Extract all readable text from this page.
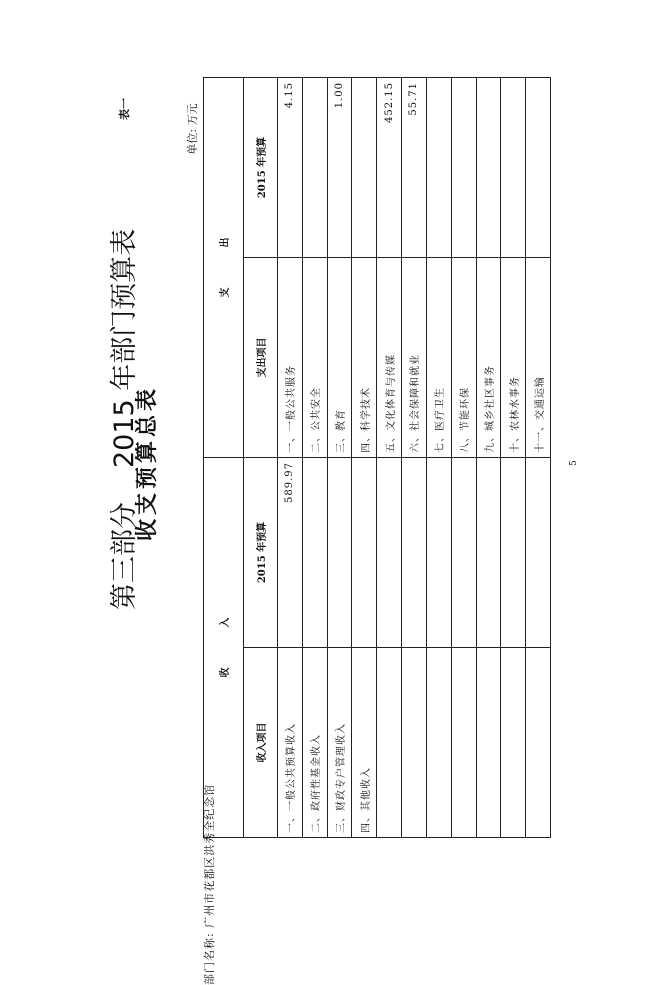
第三部分2015 年部门预算表
收支预算总表
表一
部门名称: 广州市花都区洪秀全纪念馆
单位: 万元
5
收入		支出	
收入项目	2015 年预算	支出项目	2015 年预算
一、一般公共预算收入	589.97	一、一般公共服务	4.15
二、政府性基金收入		二、公共安全	
三、财政专户管理收入		三、教育	1.00
四、其他收入		四、科学技术	
		五、文化体育与传媒	452.15
		六、社会保障和就业	55.71
		七、医疗卫生	
		八、节能环保	
		九、城乡社区事务	
		十、农林水事务	
		十一、交通运输	
